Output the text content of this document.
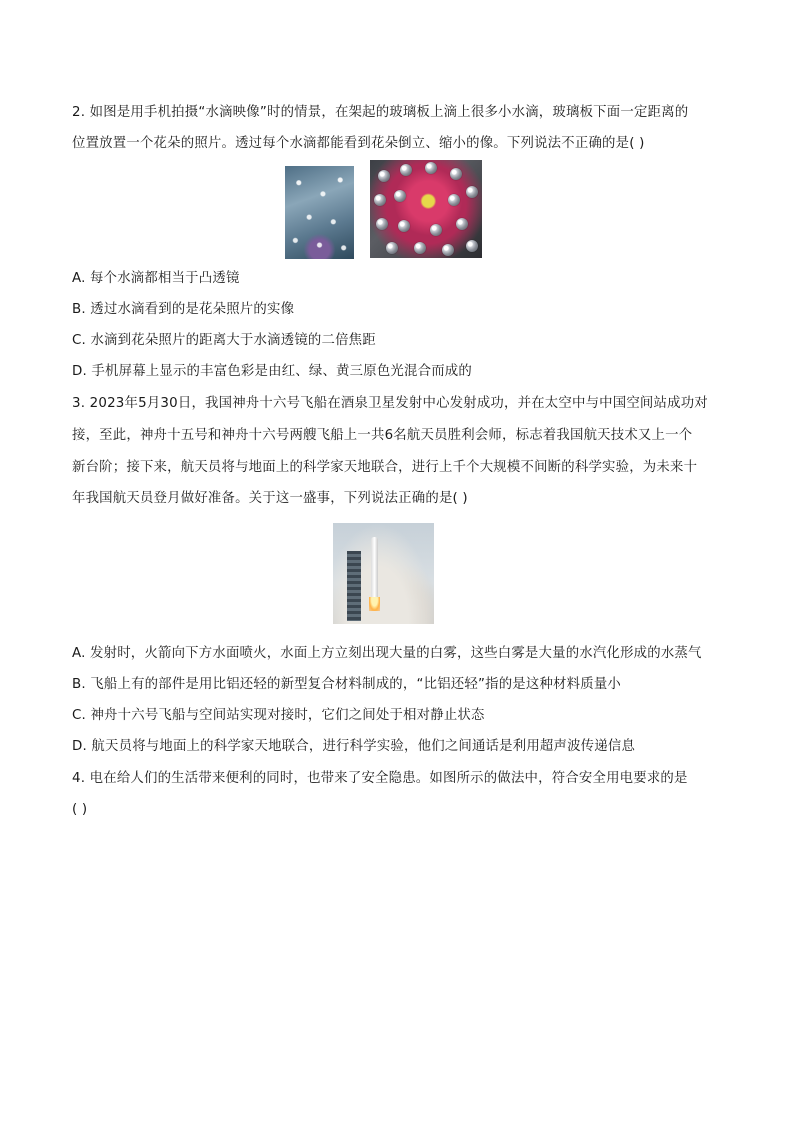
2. 如图是用手机拍摄“水滴映像”时的情景，在架起的玻璃板上滴上很多小水滴，玻璃板下面一定距离的
位置放置一个花朵的照片。透过每个水滴都能看到花朵倒立、缩小的像。下列说法不正确的是( )
A. 每个水滴都相当于凸透镜
B. 透过水滴看到的是花朵照片的实像
C. 水滴到花朵照片的距离大于水滴透镜的二倍焦距
D. 手机屏幕上显示的丰富色彩是由红、绿、黄三原色光混合而成的
3. 2023年5月30日，我国神舟十六号飞船在酒泉卫星发射中心发射成功，并在太空中与中国空间站成功对
接，至此，神舟十五号和神舟十六号两艘飞船上一共6名航天员胜利会师，标志着我国航天技术又上一个
新台阶；接下来，航天员将与地面上的科学家天地联合，进行上千个大规模不间断的科学实验，为未来十
年我国航天员登月做好准备。关于这一盛事，下列说法正确的是( )
A. 发射时，火箭向下方水面喷火，水面上方立刻出现大量的白雾，这些白雾是大量的水汽化形成的水蒸气
B. 飞船上有的部件是用比铝还轻的新型复合材料制成的，“比铝还轻”指的是这种材料质量小
C. 神舟十六号飞船与空间站实现对接时，它们之间处于相对静止状态
D. 航天员将与地面上的科学家天地联合，进行科学实验，他们之间通话是利用超声波传递信息
4. 电在给人们的生活带来便利的同时，也带来了安全隐患。如图所示的做法中，符合安全用电要求的是
( )
